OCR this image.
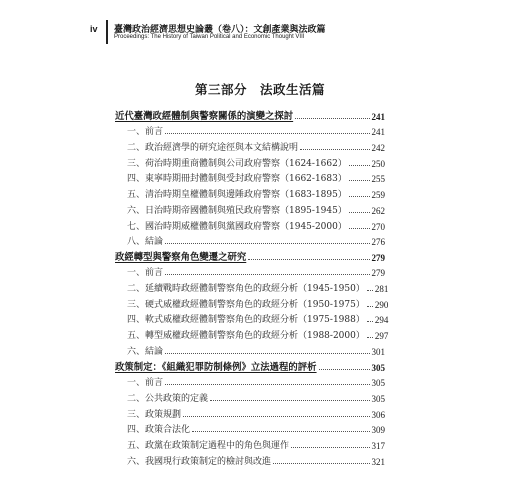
iv 臺灣政治經濟思想史論叢（卷八）：文創產業與法政篇
Proceedings: The History of Taiwan Political and Economic Thought VIII
第三部分　法政生活篇
近代臺灣政經體制與警察關係的演變之探討	241
一、前言	241
二、政治經濟學的研究途徑與本文結構說明	242
三、荷治時期重商體制與公司政府警察（1624-1662）	250
四、東寧時期冊封體制與受封政府警察（1662-1683）	255
五、清治時期皇權體制與邊陲政府警察（1683-1895）	259
六、日治時期帝國體制與殖民政府警察（1895-1945）	262
七、國治時期威權體制與黨國政府警察（1945-2000）	270
八、結論	276
政經轉型與警察角色變遷之研究	279
一、前言	279
二、延續戰時政經體制警察角色的政經分析（1945-1950） 281
三、硬式威權政經體制警察角色的政經分析（1950-1975） 290
四、軟式威權政經體制警察角色的政經分析（1975-1988） 294
五、轉型威權政經體制警察角色的政經分析（1988-2000） 297
六、結論	301
政策制定：《組織犯罪防制條例》立法過程的評析	305
一、前言	305
二、公共政策的定義	305
三、政策規劃	306
四、政策合法化	309
五、政黨在政策制定過程中的角色與運作	317
六、我國現行政策制定的檢討與改進	321
